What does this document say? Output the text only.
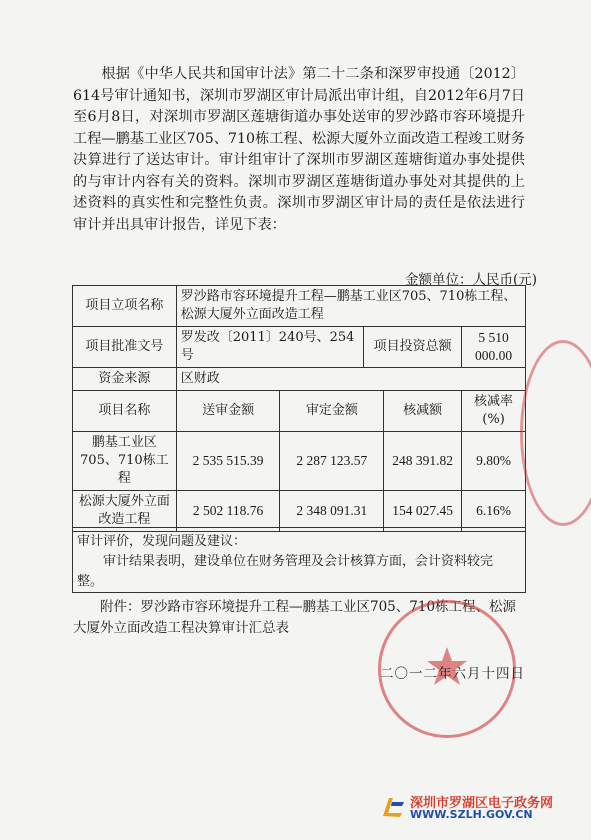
根据《中华人民共和国审计法》第二十二条和深罗审投通〔2012〕614号审计通知书，深圳市罗湖区审计局派出审计组，自2012年6月7日至6月8日，对深圳市罗湖区莲塘街道办事处送审的罗沙路市容环境提升工程—鹏基工业区705、710栋工程、松源大厦外立面改造工程竣工财务决算进行了送达审计。审计组审计了深圳市罗湖区莲塘街道办事处提供的与审计内容有关的资料。深圳市罗湖区莲塘街道办事处对其提供的上述资料的真实性和完整性负责。深圳市罗湖区审计局的责任是依法进行审计并出具审计报告，详见下表：

金额单位：人民币(元)
项目立项名称	罗沙路市容环境提升工程—鹏基工业区705、710栋工程、松源大厦外立面改造工程				
项目批准文号	罗发改〔2011〕240号、254号		项目投资总额		5 510 000.00
资金来源	区财政				
项目名称	送审金额	审定金额		核减额	核减率(%)
鹏基工业区705、710栋工程	2 535 515.39	2 287 123.57		248 391.82	9.80%
松源大厦外立面改造工程	2 502 118.76	2 348 091.31		154 027.45	6.16%
审计评价，发现问题及建议：
审计结果表明，建设单位在财务管理及会计核算方面，会计资料较完整。
附件：罗沙路市容环境提升工程—鹏基工业区705、710栋工程、松源大厦外立面改造工程决算审计汇总表
二〇一二年六月十四日
深圳市罗湖区电子政务网
WWW.SZLH.GOV.CN
